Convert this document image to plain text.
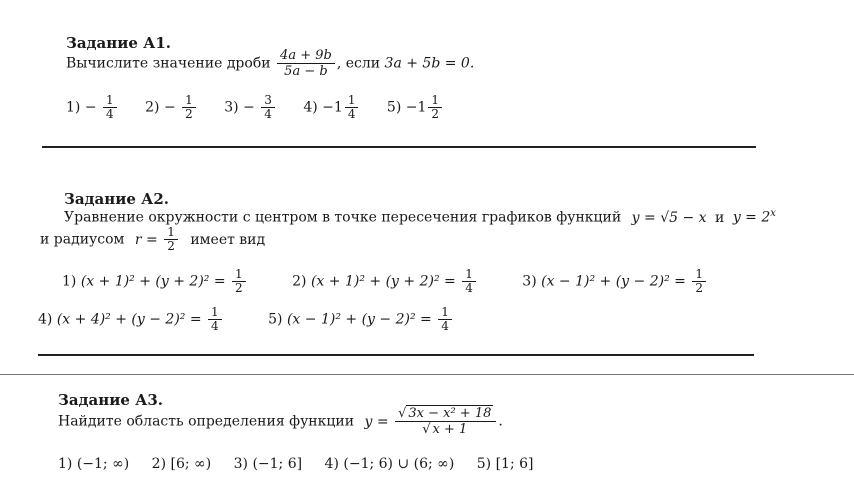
Задание А1.
Вычислите значение дроби $\frac{4a + 9b}{5a - b}$ , если 3a + 5b = 0.
$1) - \frac{1}{4} 2) - \frac{1}{2} 3) - \frac{3}{4} 4) -1 \frac{1}{4} 5) -1 \frac{1}{2}$
Задание А2.
Уравнение окружности с центром в точке пересечения графиков функций y = √5 − x и $y = 2^x$
и радиусом $r = \frac{1}{2}$ имеет вид
1) $(x + 1)^2 + (y + 2)^2 = \frac{1}{2}$	2) $(x + 1)^2 + (y + 2)^2 = \frac{1}{4}$	3) $(x - 1)^2 + (y - 2)^2 = \frac{1}{2}$
4) $(x + 4)^2 + (y - 2)^2 = \frac{1}{4}$	5) $(x - 1)^2 + (y - 2)^2 = \frac{1}{4}$
Задание А3.
Найдите область определения функции $y = \frac{\text{√ 3x − x² + 18}}{√ x + 1}$ .
1) (−1; ∞) 2) [6; ∞) 3) (−1; 6] 4) (−1; 6) ∪ (6; ∞) 5) [1; 6]
